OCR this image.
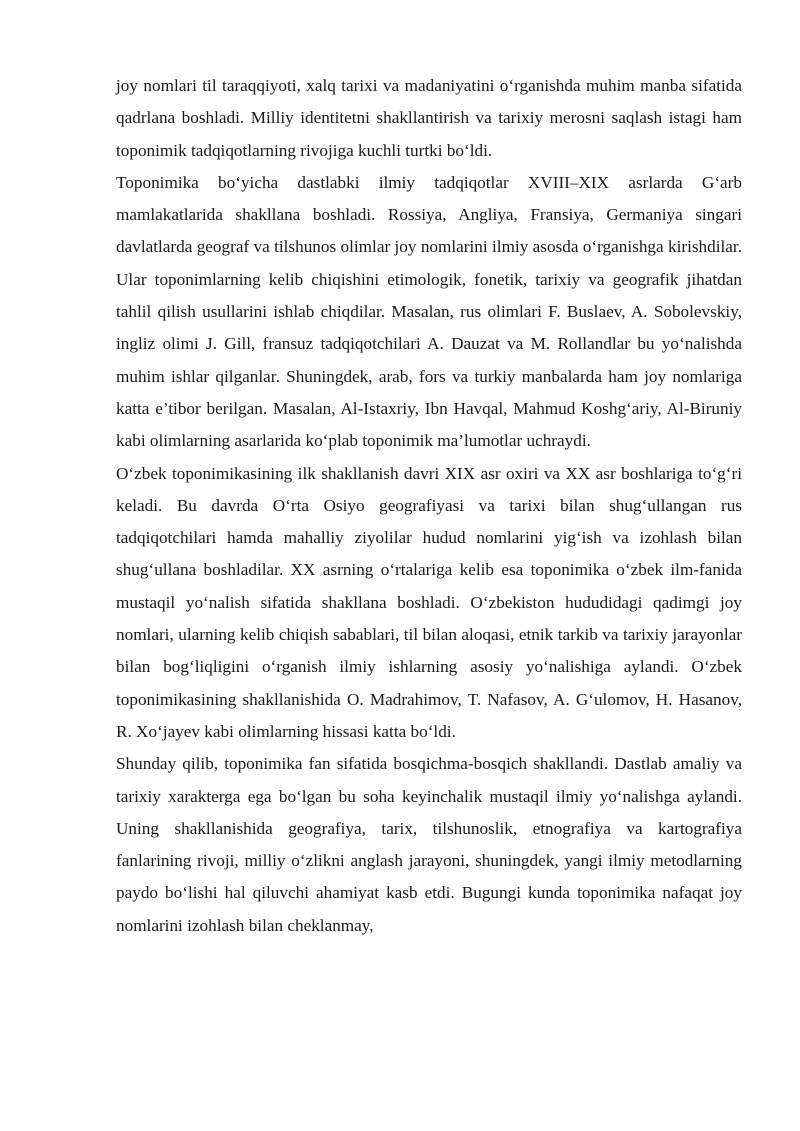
joy nomlari til taraqqiyoti, xalq tarixi va madaniyatini o‘rganishda muhim manba sifatida qadrlana boshladi. Milliy identitetni shakllantirish va tarixiy merosni saqlash istagi ham toponimik tadqiqotlarning rivojiga kuchli turtki bo‘ldi.

Toponimika bo‘yicha dastlabki ilmiy tadqiqotlar XVIII–XIX asrlarda G‘arb mamlakatlarida shakllana boshladi. Rossiya, Angliya, Fransiya, Germaniya singari davlatlarda geograf va tilshunos olimlar joy nomlarini ilmiy asosda o‘rganishga kirishdilar. Ular toponimlarning kelib chiqishini etimologik, fonetik, tarixiy va geografik jihatdan tahlil qilish usullarini ishlab chiqdilar. Masalan, rus olimlari F. Buslaev, A. Sobolevskiy, ingliz olimi J. Gill, fransuz tadqiqotchilari A. Dauzat va M. Rollandlar bu yo‘nalishda muhim ishlar qilganlar. Shuningdek, arab, fors va turkiy manbalarda ham joy nomlariga katta e’tibor berilgan. Masalan, Al-Istaxriy, Ibn Havqal, Mahmud Koshg‘ariy, Al-Biruniy kabi olimlarning asarlarida ko‘plab toponimik ma’lumotlar uchraydi.

O‘zbek toponimikasining ilk shakllanish davri XIX asr oxiri va XX asr boshlariga to‘g‘ri keladi. Bu davrda O‘rta Osiyo geografiyasi va tarixi bilan shug‘ullangan rus tadqiqotchilari hamda mahalliy ziyolilar hudud nomlarini yig‘ish va izohlash bilan shug‘ullana boshladilar. XX asrning o‘rtalariga kelib esa toponimika o‘zbek ilm-fanida mustaqil yo‘nalish sifatida shakllana boshladi. O‘zbekiston hududidagi qadimgi joy nomlari, ularning kelib chiqish sabablari, til bilan aloqasi, etnik tarkib va tarixiy jarayonlar bilan bog‘liqligini o‘rganish ilmiy ishlarning asosiy yo‘nalishiga aylandi. O‘zbek toponimikasining shakllanishida O. Madrahimov, T. Nafasov, A. G‘ulomov, H. Hasanov, R. Xo‘jayev kabi olimlarning hissasi katta bo‘ldi.

Shunday qilib, toponimika fan sifatida bosqichma-bosqich shakllandi. Dastlab amaliy va tarixiy xarakterga ega bo‘lgan bu soha keyinchalik mustaqil ilmiy yo‘nalishga aylandi. Uning shakllanishida geografiya, tarix, tilshunoslik, etnografiya va kartografiya fanlarining rivoji, milliy o‘zlikni anglash jarayoni, shuningdek, yangi ilmiy metodlarning paydo bo‘lishi hal qiluvchi ahamiyat kasb etdi. Bugungi kunda toponimika nafaqat joy nomlarini izohlash bilan cheklanmay,
